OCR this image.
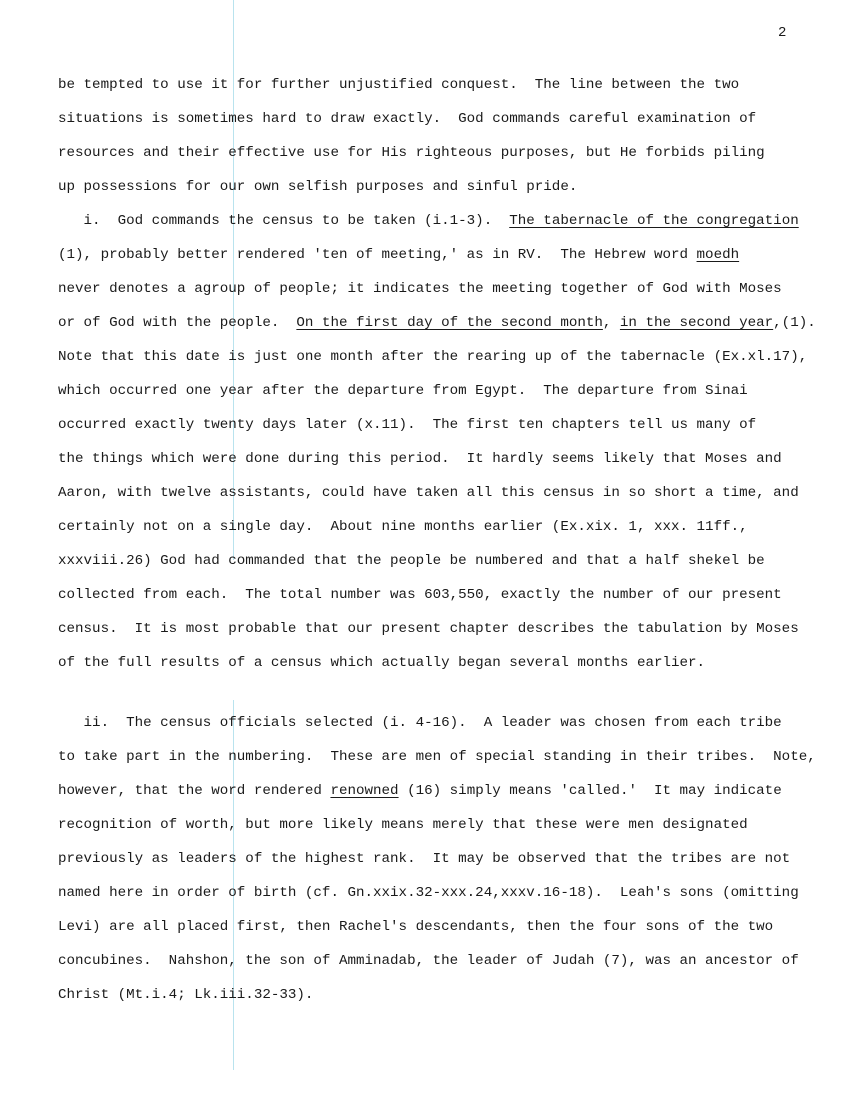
2
be tempted to use it for further unjustified conquest.  The line between the two
situations is sometimes hard to draw exactly.  God commands careful examination of
resources and their effective use for His righteous purposes, but He forbids piling
up possessions for our own selfish purposes and sinful pride.
i.  God commands the census to be taken (i.1-3).  The tabernacle of the congregation
(1), probably better rendered 'ten of meeting,' as in RV.  The Hebrew word moedh
never denotes a agroup of people; it indicates the meeting together of God with Moses
or of God with the people.  On the first day of the second month, in the second year,(1).
Note that this date is just one month after the rearing up of the tabernacle (Ex.xl.17),
which occurred one year after the departure from Egypt.  The departure from Sinai
occurred exactly twenty days later (x.11).  The first ten chapters tell us many of
the things which were done during this period.  It hardly seems likely that Moses and
Aaron, with twelve assistants, could have taken all this census in so short a time, and
certainly not on a single day.  About nine months earlier (Ex.xix. 1, xxx. 11ff.,
xxxviii.26) God had commanded that the people be numbered and that a half shekel be
collected from each.  The total number was 603,550, exactly the number of our present
census.  It is most probable that our present chapter describes the tabulation by Moses
of the full results of a census which actually began several months earlier.
ii.  The census officials selected (i. 4-16).  A leader was chosen from each tribe
to take part in the numbering.  These are men of special standing in their tribes.  Note,
however, that the word rendered renowned (16) simply means 'called.'  It may indicate
recognition of worth, but more likely means merely that these were men designated
previously as leaders of the highest rank.  It may be observed that the tribes are not
named here in order of birth (cf. Gn.xxix.32-xxx.24,xxxv.16-18).  Leah's sons (omitting
Levi) are all placed first, then Rachel's descendants, then the four sons of the two
concubines.  Nahshon, the son of Amminadab, the leader of Judah (7), was an ancestor of
Christ (Mt.i.4; Lk.iii.32-33).
